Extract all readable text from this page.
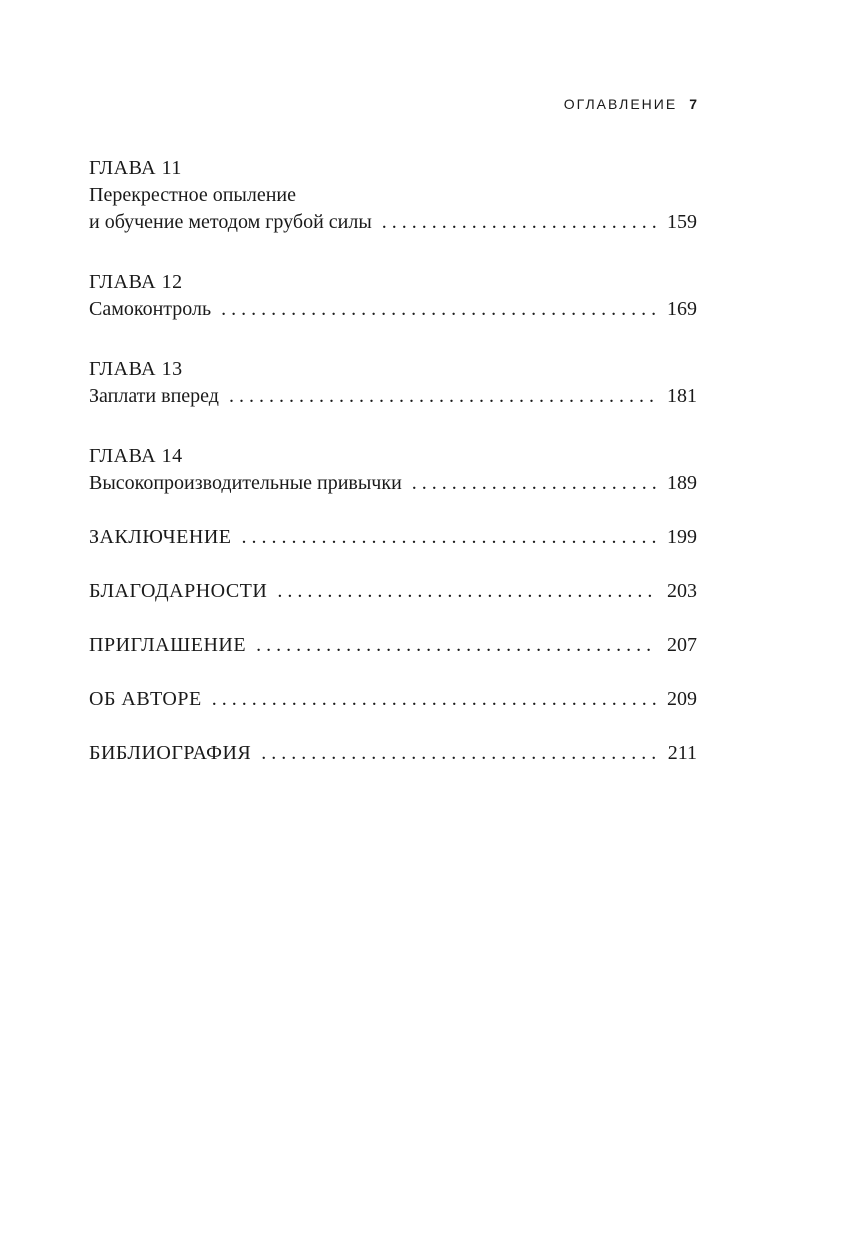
ОГЛАВЛЕНИЕ 7
ГЛАВА 11
Перекрестное опыление
и обучение методом грубой силы . . .	159
ГЛАВА 12
Самоконтроль . . .	169
ГЛАВА 13
Заплати вперед . . .	181
ГЛАВА 14
Высокопроизводительные привычки . . .	189
ЗАКЛЮЧЕНИЕ . . .	199
БЛАГОДАРНОСТИ . . .	203
ПРИГЛАШЕНИЕ . . .	207
ОБ АВТОРЕ . . .	209
БИБЛИОГРАФИЯ . . .	211
